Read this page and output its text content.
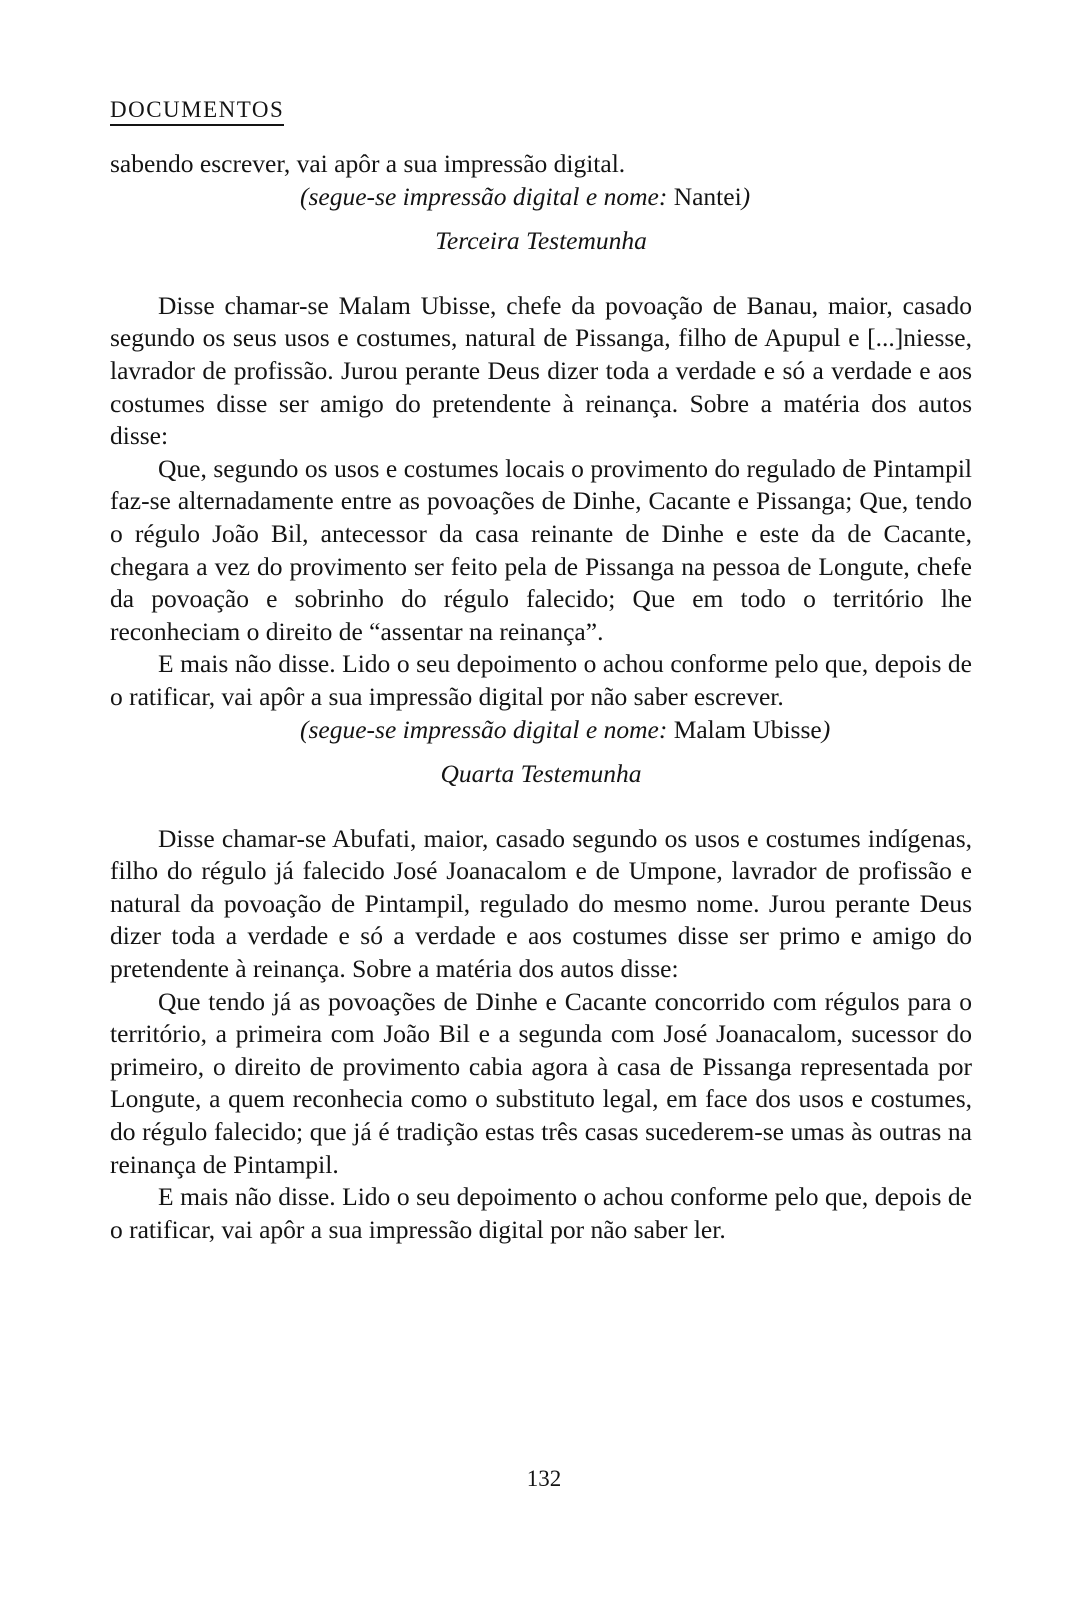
DOCUMENTOS

sabendo escrever, vai apôr a sua impressão digital.

(segue-se impressão digital e nome: Nantei)

Terceira Testemunha

Disse chamar-se Malam Ubisse, chefe da povoação de Banau, maior, casado segundo os seus usos e costumes, natural de Pissanga, filho de Apupul e [...]niesse, lavrador de profissão. Jurou perante Deus dizer toda a verdade e só a verdade e aos costumes disse ser amigo do pretendente à reinança. Sobre a matéria dos autos disse:

Que, segundo os usos e costumes locais o provimento do regulado de Pintampil faz-se alternadamente entre as povoações de Dinhe, Cacante e Pissanga; Que, tendo o régulo João Bil, antecessor da casa reinante de Dinhe e este da de Cacante, chegara a vez do provimento ser feito pela de Pissanga na pessoa de Longute, chefe da povoação e sobrinho do régulo falecido; Que em todo o território lhe reconheciam o direito de “assentar na reinança”.

E mais não disse. Lido o seu depoimento o achou conforme pelo que, depois de o ratificar, vai apôr a sua impressão digital por não saber escrever.

(segue-se impressão digital e nome: Malam Ubisse)

Quarta Testemunha

Disse chamar-se Abufati, maior, casado segundo os usos e costumes indígenas, filho do régulo já falecido José Joanacalom e de Umpone, lavrador de profissão e natural da povoação de Pintampil, regulado do mesmo nome. Jurou perante Deus dizer toda a verdade e só a verdade e aos costumes disse ser primo e amigo do pretendente à reinança. Sobre a matéria dos autos disse:

Que tendo já as povoações de Dinhe e Cacante concorrido com régulos para o território, a primeira com João Bil e a segunda com José Joanacalom, sucessor do primeiro, o direito de provimento cabia agora à casa de Pissanga representada por Longute, a quem reconhecia como o substituto legal, em face dos usos e costumes, do régulo falecido; que já é tradição estas três casas sucederem-se umas às outras na reinança de Pintampil.

E mais não disse. Lido o seu depoimento o achou conforme pelo que, depois de o ratificar, vai apôr a sua impressão digital por não saber ler.

132
